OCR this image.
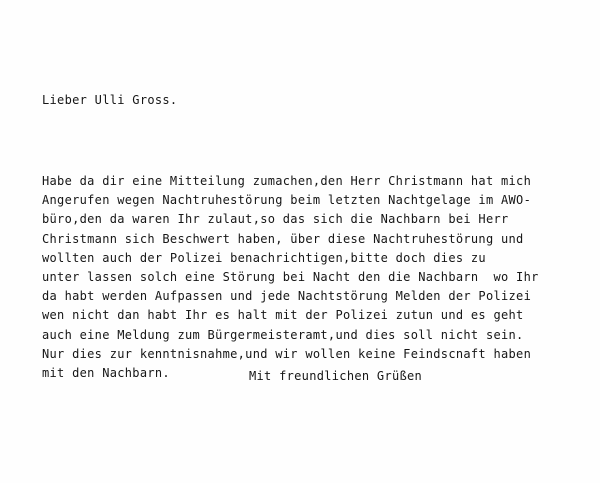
Lieber Ulli Gross.
Habe da dir eine Mitteilung zumachen,den Herr Christmann hat mich
Angerufen wegen Nachtruhestörung beim letzten Nachtgelage im AWO-
büro,den da waren Ihr zulaut,so das sich die Nachbarn bei Herr
Christmann sich Beschwert haben, über diese Nachtruhestörung und
wollten auch der Polizei benachrichtigen,bitte doch dies zu
unter lassen solch eine Störung bei Nacht den die Nachbarn  wo Ihr
da habt werden Aufpassen und jede Nachtstörung Melden der Polizei
wen nicht dan habt Ihr es halt mit der Polizei zutun und es geht
auch eine Meldung zum Bürgermeisteramt,und dies soll nicht sein.
Nur dies zur kenntnisnahme,und wir wollen keine Feindscnaft haben
mit den Nachbarn.	Mit freundlichen Grüßen
